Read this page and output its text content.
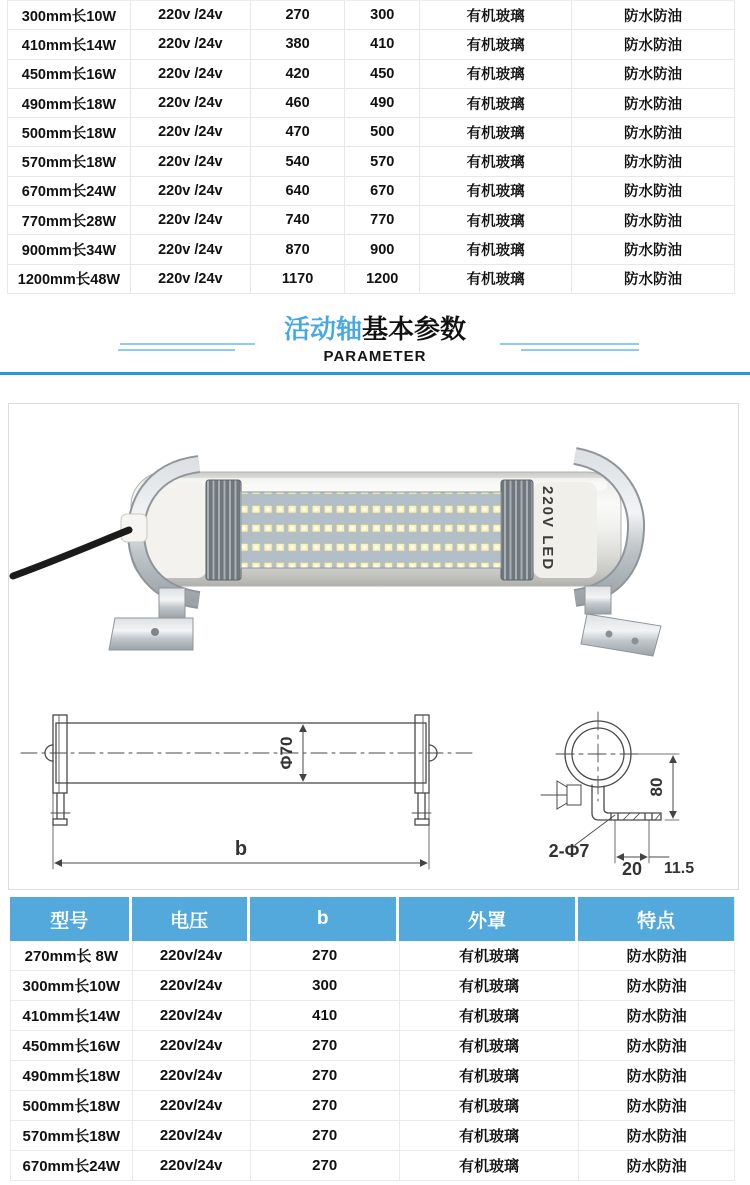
300mm长10W	220v /24v	270	300	有机玻璃	防水防油
410mm长14W	220v /24v	380	410	有机玻璃	防水防油
450mm长16W	220v /24v	420	450	有机玻璃	防水防油
490mm长18W	220v /24v	460	490	有机玻璃	防水防油
500mm长18W	220v /24v	470	500	有机玻璃	防水防油
570mm长18W	220v /24v	540	570	有机玻璃	防水防油
670mm长24W	220v /24v	640	670	有机玻璃	防水防油
770mm长28W	220v /24v	740	770	有机玻璃	防水防油
900mm长34W	220v /24v	870	900	有机玻璃	防水防油
1200mm长48W	220v /24v	1170	1200	有机玻璃	防水防油
活动轴基本参数
PARAMETER
220V LED
Φ70
b
80
2-Φ7
20 11.5
型号	电压	b	外罩	特点
270mm长 8W	220v/24v	270	有机玻璃	防水防油
300mm长10W	220v/24v	300	有机玻璃	防水防油
410mm长14W	220v/24v	410	有机玻璃	防水防油
450mm长16W	220v/24v	270	有机玻璃	防水防油
490mm长18W	220v/24v	270	有机玻璃	防水防油
500mm长18W	220v/24v	270	有机玻璃	防水防油
570mm长18W	220v/24v	270	有机玻璃	防水防油
670mm长24W	220v/24v	270	有机玻璃	防水防油
